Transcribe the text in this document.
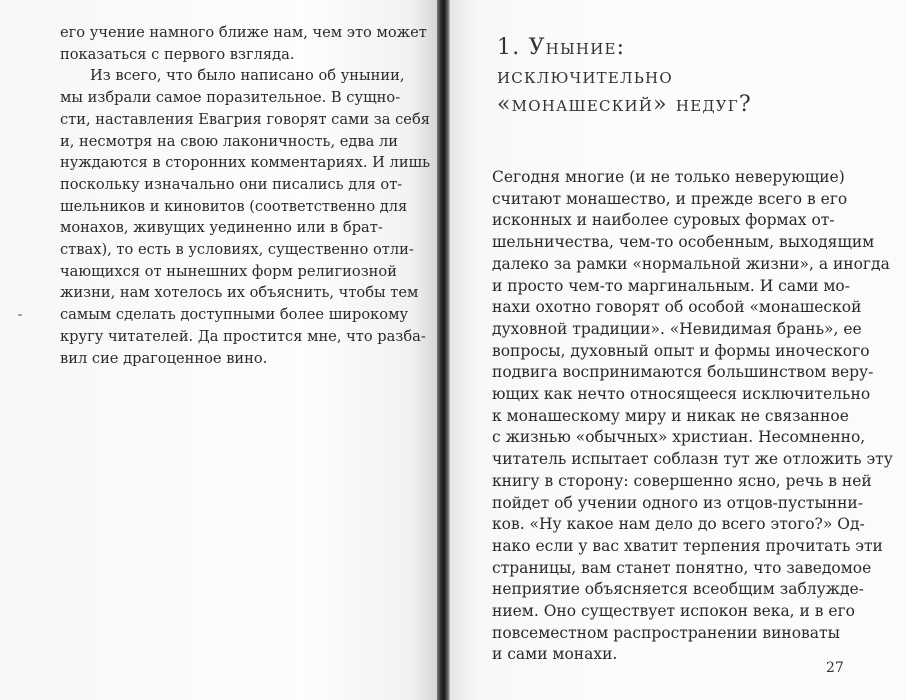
его учение намного ближе нам, чем это может
показаться с первого взгляда.
Из всего, что было написано об унынии,
мы избрали самое поразительное. В сущно-
сти, наставления Евагрия говорят сами за себя
и, несмотря на свою лаконичность, едва ли
нуждаются в сторонних комментариях. И лишь
поскольку изначально они писались для от-
шельников и киновитов (соответственно для
монахов, живущих уединенно или в брат-
ствах), то есть в условиях, существенно отли-
чающихся от нынешних форм религиозной
жизни, нам хотелось их объяснить, чтобы тем
самым сделать доступными более широкому
кругу читателей. Да простится мне, что разба-
вил сие драгоценное вино.
1. Уныние:
исключительно
«монашеский» недуг?
Сегодня многие (и не только неверующие)
считают монашество, и прежде всего в его
исконных и наиболее суровых формах от-
шельничества, чем-то особенным, выходящим
далеко за рамки «нормальной жизни», а иногда
и просто чем-то маргинальным. И сами мо-
нахи охотно говорят об особой «монашеской
духовной традиции». «Невидимая брань», ее
вопросы, духовный опыт и формы иноческого
подвига воспринимаются большинством веру-
ющих как нечто относящееся исключительно
к монашескому миру и никак не связанное
с жизнью «обычных» христиан. Несомненно,
читатель испытает соблазн тут же отложить эту
книгу в сторону: совершенно ясно, речь в ней
пойдет об учении одного из отцов-пустынни-
ков. «Ну какое нам дело до всего этого?» Од-
нако если у вас хватит терпения прочитать эти
страницы, вам станет понятно, что заведомое
неприятие объясняется всеобщим заблужде-
нием. Оно существует испокон века, и в его
повсеместном распространении виноваты
и сами монахи.
27
